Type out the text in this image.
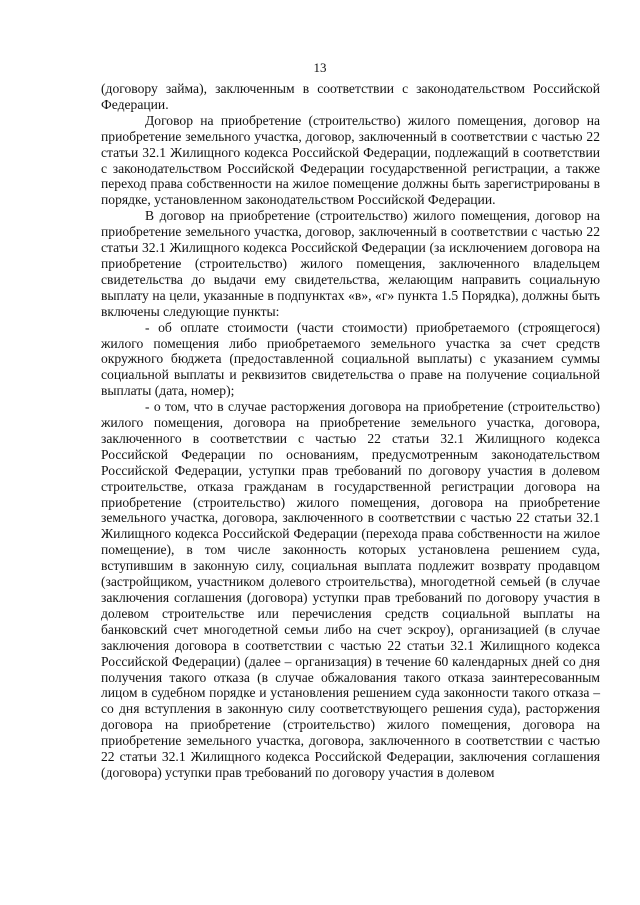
13

(договору займа), заключенным в соответствии с законодательством Российской Федерации.

Договор на приобретение (строительство) жилого помещения, договор на приобретение земельного участка, договор, заключенный в соответствии с частью 22 статьи 32.1 Жилищного кодекса Российской Федерации, подлежащий в соответствии с законодательством Российской Федерации государственной регистрации, а также переход права собственности на жилое помещение должны быть зарегистрированы в порядке, установленном законодательством Российской Федерации.

В договор на приобретение (строительство) жилого помещения, договор на приобретение земельного участка, договор, заключенный в соответствии с частью 22 статьи 32.1 Жилищного кодекса Российской Федерации (за исключением договора на приобретение (строительство) жилого помещения, заключенного владельцем свидетельства до выдачи ему свидетельства, желающим направить социальную выплату на цели, указанные в подпунктах «в», «г» пункта 1.5 Порядка), должны быть включены следующие пункты:

- об оплате стоимости (части стоимости) приобретаемого (строящегося) жилого помещения либо приобретаемого земельного участка за счет средств окружного бюджета (предоставленной социальной выплаты) с указанием суммы социальной выплаты и реквизитов свидетельства о праве на получение социальной выплаты (дата, номер);

- о том, что в случае расторжения договора на приобретение (строительство) жилого помещения, договора на приобретение земельного участка, договора, заключенного в соответствии с частью 22 статьи 32.1 Жилищного кодекса Российской Федерации по основаниям, предусмотренным законодательством Российской Федерации, уступки прав требований по договору участия в долевом строительстве, отказа гражданам в государственной регистрации договора на приобретение (строительство) жилого помещения, договора на приобретение земельного участка, договора, заключенного в соответствии с частью 22 статьи 32.1 Жилищного кодекса Российской Федерации (перехода права собственности на жилое помещение), в том числе законность которых установлена решением суда, вступившим в законную силу, социальная выплата подлежит возврату продавцом (застройщиком, участником долевого строительства), многодетной семьей (в случае заключения соглашения (договора) уступки прав требований по договору участия в долевом строительстве или перечисления средств социальной выплаты на банковский счет многодетной семьи либо на счет эскроу), организацией (в случае заключения договора в соответствии с частью 22 статьи 32.1 Жилищного кодекса Российской Федерации) (далее – организация) в течение 60 календарных дней со дня получения такого отказа (в случае обжалования такого отказа заинтересованным лицом в судебном порядке и установления решением суда законности такого отказа – со дня вступления в законную силу соответствующего решения суда), расторжения договора на приобретение (строительство) жилого помещения, договора на приобретение земельного участка, договора, заключенного в соответствии с частью 22 статьи 32.1 Жилищного кодекса Российской Федерации, заключения соглашения (договора) уступки прав требований по договору участия в долевом
